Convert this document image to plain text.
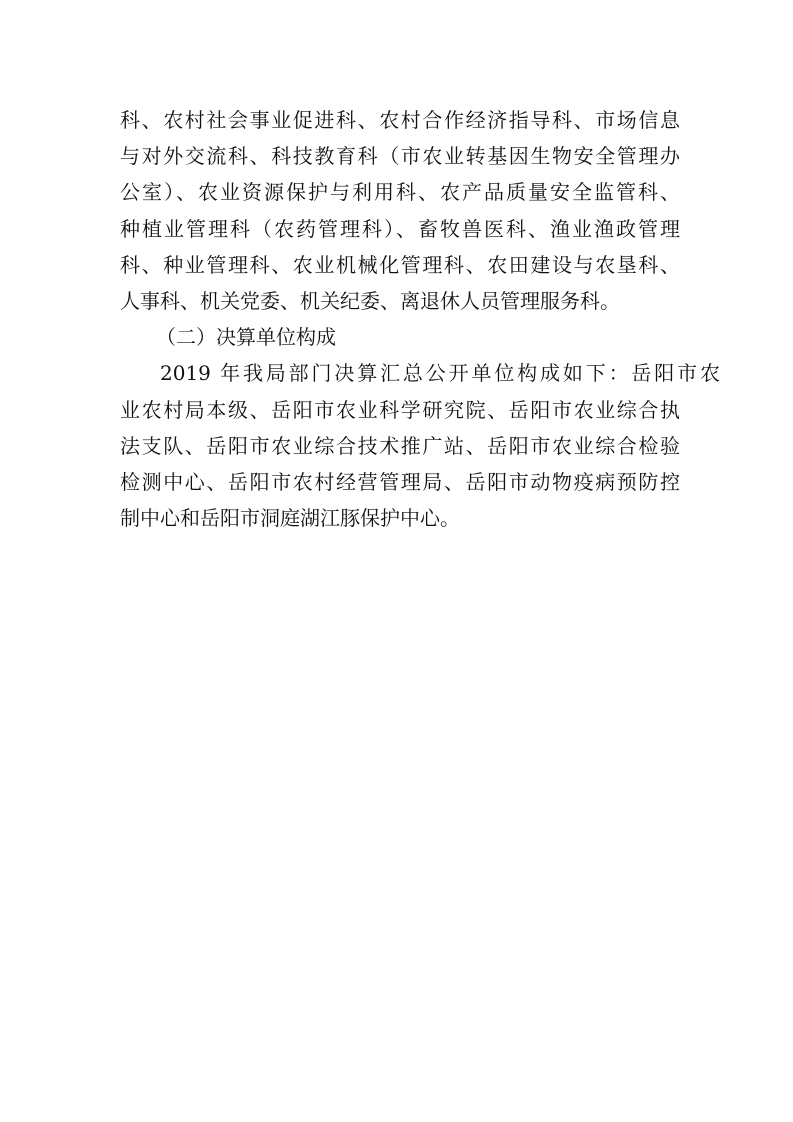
科、农村社会事业促进科、农村合作经济指导科、市场信息
与对外交流科、科技教育科（市农业转基因生物安全管理办
公室）、农业资源保护与利用科、农产品质量安全监管科、
种植业管理科（农药管理科）、畜牧兽医科、渔业渔政管理
科、种业管理科、农业机械化管理科、农田建设与农垦科、
人事科、机关党委、机关纪委、离退休人员管理服务科。
（二）决算单位构成
2019 年我局部门决算汇总公开单位构成如下：岳阳市农
业农村局本级、岳阳市农业科学研究院、岳阳市农业综合执
法支队、岳阳市农业综合技术推广站、岳阳市农业综合检验
检测中心、岳阳市农村经营管理局、岳阳市动物疫病预防控
制中心和岳阳市洞庭湖江豚保护中心。
